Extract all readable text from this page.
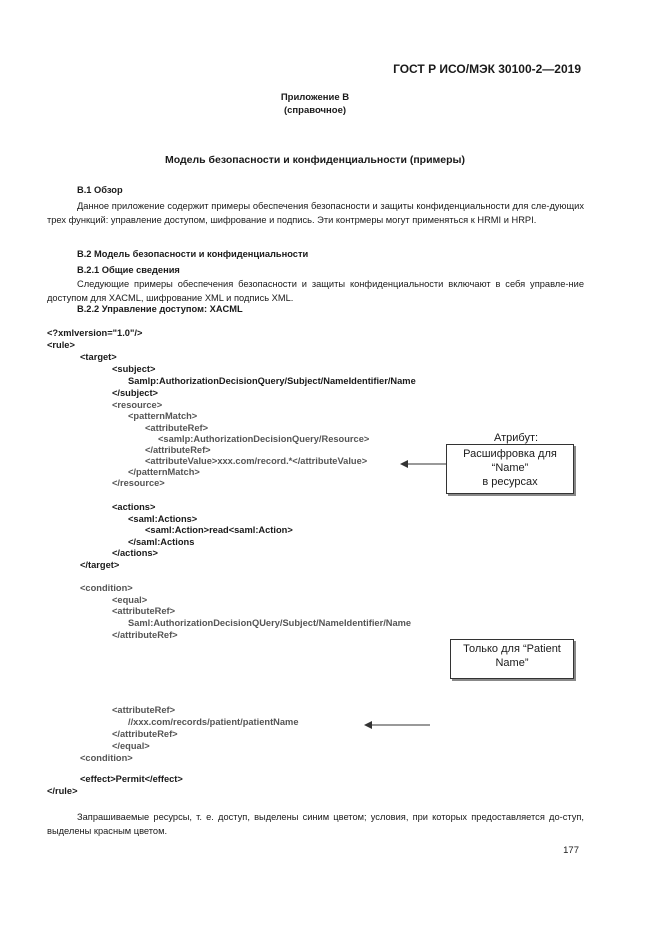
ГОСТ Р ИСО/МЭК 30100-2—2019
Приложение В
(справочное)
Модель безопасности и конфиденциальности (примеры)
В.1 Обзор
Данное приложение содержит примеры обеспечения безопасности и защиты конфиденциальности для сле-дующих трех функций: управление доступом, шифрование и подпись. Эти контрмеры могут применяться к HRMI и HRPI.
В.2 Модель безопасности и конфиденциальности
В.2.1 Общие сведения
Следующие примеры обеспечения безопасности и защиты конфиденциальности включают в себя управле-ние доступом для XACML, шифрование XML и подпись XML.
В.2.2 Управление доступом: XACML
<?xmlversion="1.0"/>
<rule>
<target>
<subject>
Samlp:AuthorizationDecisionQuery/Subject/NameIdentifier/Name
</subject>
<resource>
<patternMatch>
<attributeRef>
<samlp:AuthorizationDecisionQuery/Resource>
</attributeRef>
<attributeValue>xxx.com/record.*</attributeValue>
</patternMatch>
</resource>
<actions>
<saml:Actions>
<saml:Action>read<saml:Action>
</saml:Actions
</actions>
</target>
<condition>
<equal>
<attributeRef>
Saml:AuthorizationDecisionQUery/Subject/NameIdentifier/Name
</attributeRef>
<attributeRef>
//xxx.com/records/patient/patientName
</attributeRef>
</equal>
<condition>
<effect>Permit</effect>
</rule>
Атрибут:
Расшифровка для
“Name”
в ресурсах
Только для “Patient
Name”
Запрашиваемые ресурсы, т. е. доступ, выделены синим цветом; условия, при которых предоставляется до-ступ, выделены красным цветом.
177
